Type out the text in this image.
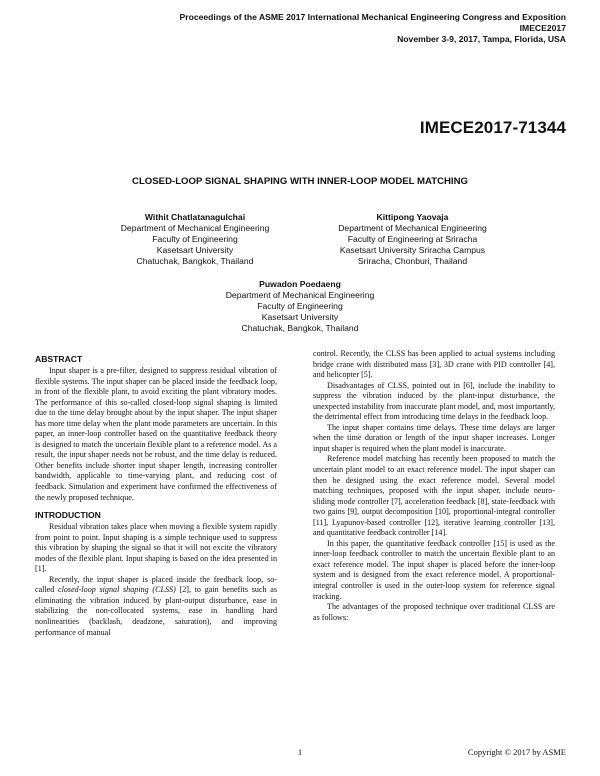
Proceedings of the ASME 2017 International Mechanical Engineering Congress and Exposition
IMECE2017
November 3-9, 2017, Tampa, Florida, USA
IMECE2017-71344
CLOSED-LOOP SIGNAL SHAPING WITH INNER-LOOP MODEL MATCHING
Withit Chatlatanagulchai
Department of Mechanical Engineering
Faculty of Engineering
Kasetsart University
Chatuchak, Bangkok, Thailand
Kittipong Yaovaja
Department of Mechanical Engineering
Faculty of Engineering at Sriracha
Kasetsart University Sriracha Campus
Sriracha, Chonburi, Thailand
Puwadon Poedaeng
Department of Mechanical Engineering
Faculty of Engineering
Kasetsart University
Chatuchak, Bangkok, Thailand
ABSTRACT

Input shaper is a pre-filter, designed to suppress residual vibration of flexible systems. The input shaper can be placed inside the feedback loop, in front of the flexible plant, to avoid exciting the plant vibratory modes. The performance of this so-called closed-loop signal shaping is limited due to the time delay brought about by the input shaper. The input shaper has more time delay when the plant mode parameters are uncertain. In this paper, an inner-loop controller based on the quantitative feedback theory is designed to match the uncertain flexible plant to a reference model. As a result, the input shaper needs not be robust, and the time delay is reduced. Other benefits include shorter input shaper length, increasing controller bandwidth, applicable to time-varying plant, and reducing cost of feedback. Simulation and experiment have confirmed the effectiveness of the newly proposed technique.

INTRODUCTION

Residual vibration takes place when moving a flexible system rapidly from point to point. Input shaping is a simple technique used to suppress this vibration by shaping the signal so that it will not excite the vibratory modes of the flexible plant. Input shaping is based on the idea presented in [1].

Recently, the input shaper is placed inside the feedback loop, so-called closed-loop signal shaping (CLSS) [2], to gain benefits such as eliminating the vibration induced by plant-output disturbance, ease in stabilizing the non-collocated systems, ease in handling hard nonlinearities (backlash, deadzone, saturation), and improving performance of manual

control. Recently, the CLSS has been applied to actual systems including bridge crane with distributed mass [3], 3D crane with PID controller [4], and helicopter [5].

Disadvantages of CLSS, pointed out in [6], include the inability to suppress the vibration induced by the plant-input disturbance, the unexpected instability from inaccurate plant model, and, most importantly, the detrimental effect from introducing time delays in the feedback loop.

The input shaper contains time delays. These time delays are larger when the time duration or length of the input shaper increases. Longer input shaper is required when the plant model is inaccurate.

Reference model matching has recently been proposed to match the uncertain plant model to an exact reference model. The input shaper can then be designed using the exact reference model. Several model matching techniques, proposed with the input shaper, include neuro-sliding mode controller [7], acceleration feedback [8], state-feedback with two gains [9], output decomposition [10], proportional-integral controller [11], Lyapunov-based controller [12], iterative learning controller [13], and quantitative feedback controller [14].

In this paper, the quantitative feedback controller [15] is used as the inner-loop feedback controller to match the uncertain flexible plant to an exact reference model. The input shaper is placed before the inner-loop system and is designed from the exact reference model. A proportional-integral controller is used in the outer-loop system for reference signal tracking.

The advantages of the proposed technique over traditional CLSS are as follows:

1	Copyright © 2017 by ASME
